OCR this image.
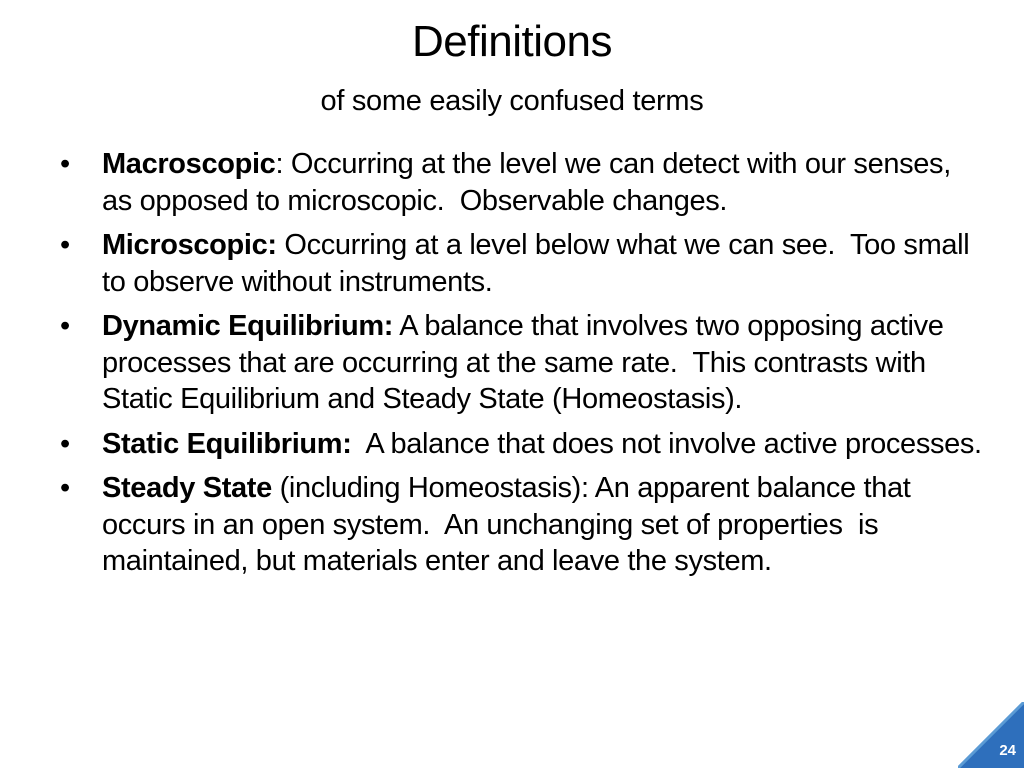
Definitions
of some easily confused terms
• Macroscopic: Occurring at the level we can detect with our senses, as opposed to microscopic.  Observable changes.
• Microscopic: Occurring at a level below what we can see.  Too small to observe without instruments.
• Dynamic Equilibrium: A balance that involves two opposing active processes that are occurring at the same rate.  This contrasts with Static Equilibrium and Steady State (Homeostasis).
• Static Equilibrium:  A balance that does not involve active processes.
• Steady State (including Homeostasis): An apparent balance that occurs in an open system.  An unchanging set of properties  is maintained, but materials enter and leave the system.
24
